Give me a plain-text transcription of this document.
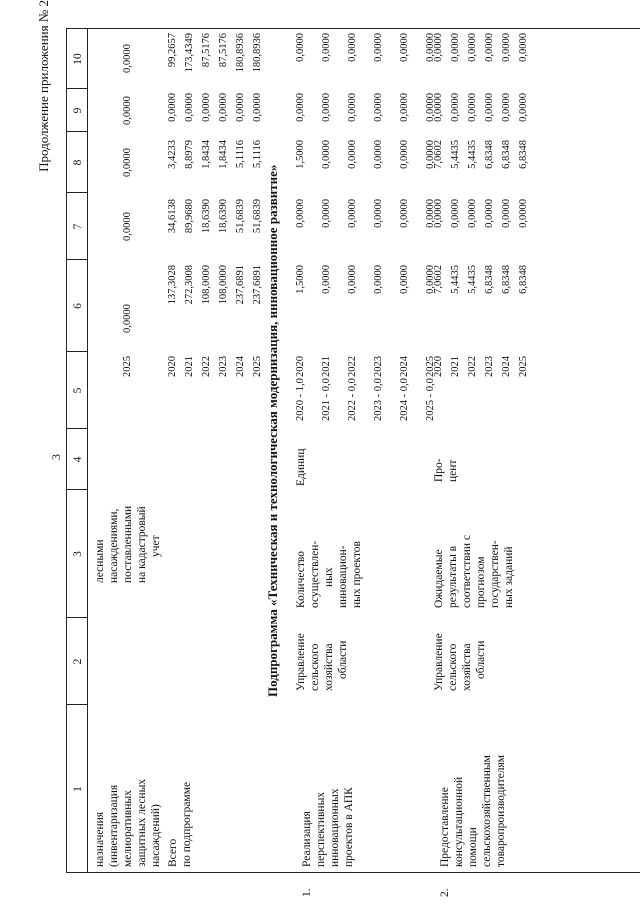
3
Продолжение приложения № 2
1
2
3
4
5
6
7
8
9
10
назначения (инвентаризация мелиоративных защитных лесных насаждений)
лесными насаждениями, поставленными на кадастровый учет
2025
0,0000
0,0000
0,0000
0,0000
0,0000
Всего по подпрограмме
2020
137,3028
34,6138
3,4233
0,0000
99,2657
2021
272,3008
89,9680
8,8979
0,0000
173,4349
2022
108,0000
18,6390
1,8434
0,0000
87,5176
2023
108,0000
18,6390
1,8434
0,0000
87,5176
2024
237,6891
51,6839
5,1116
0,0000
180,8936
2025
237,6891
51,6839
5,1116
0,0000
180,8936
Подпрограмма «Техническая и технологическая модернизация, инновационное развитие»
1.
Реализация перспективных инновационных проектов в АПК
Управление сельского хозяйства области
Количество осуществлен- ных инновацион- ных проектов
Единиц
2020 - 1,0
2020
1,5000
0,0000
1,5000
0,0000
0,0000
2021 - 0,0
2021
0,0000
0,0000
0,0000
0,0000
0,0000
2022 - 0,0
2022
0,0000
0,0000
0,0000
0,0000
0,0000
2023 - 0,0
2023
0,0000
0,0000
0,0000
0,0000
0,0000
2024 - 0,0
2024
0,0000
0,0000
0,0000
0,0000
0,0000
2025 - 0,0
2025
0,0000
0,0000
0,0000
0,0000
0,0000
2.
Предоставление консультационной помощи сельскохозяйственным товаропроизводителям
Управление сельского хозяйства области
Ожидаемые результаты в соответствии с прогнозом государствен- ных заданий
Про- цент
2020
7,0602
0,0000
7,0602
0,0000
0,0000
2021
5,4435
0,0000
5,4435
0,0000
0,0000
2022
5,4435
0,0000
5,4435
0,0000
0,0000
2023
6,8348
0,0000
6,8348
0,0000
0,0000
2024
6,8348
0,0000
6,8348
0,0000
0,0000
2025
6,8348
0,0000
6,8348
0,0000
0,0000
